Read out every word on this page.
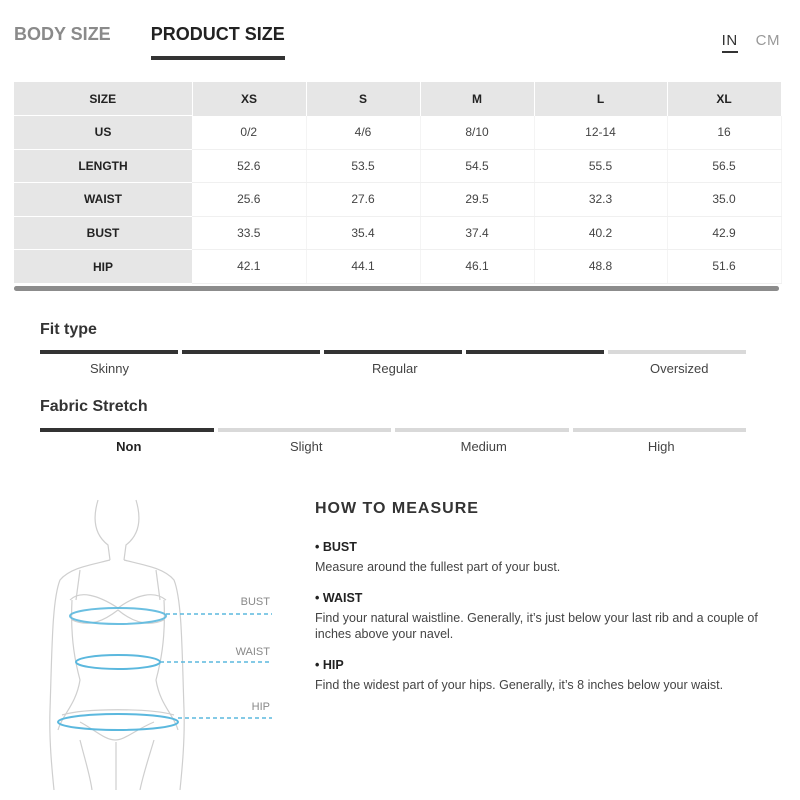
BODY SIZE PRODUCT SIZE	IN CM
SIZE	XS	S	M	L	XL
US	0/2	4/6	8/10	12-14	16
LENGTH	52.6	53.5	54.5	55.5	56.5
WAIST	25.6	27.6	29.5	32.3	35.0
BUST	33.5	35.4	37.4	40.2	42.9
HIP	42.1	44.1	46.1	48.8	51.6
Fit type
Skinny	Regular	Oversized
Fabric Stretch
Non	Slight	Medium	High
BUST
WAIST
HIP
HOW TO MEASURE
• BUST

Measure around the fullest part of your bust.

• WAIST

Find your natural waistline. Generally, it’s just below your last rib and a couple of inches above your navel.

• HIP

Find the widest part of your hips. Generally, it’s 8 inches below your waist.
